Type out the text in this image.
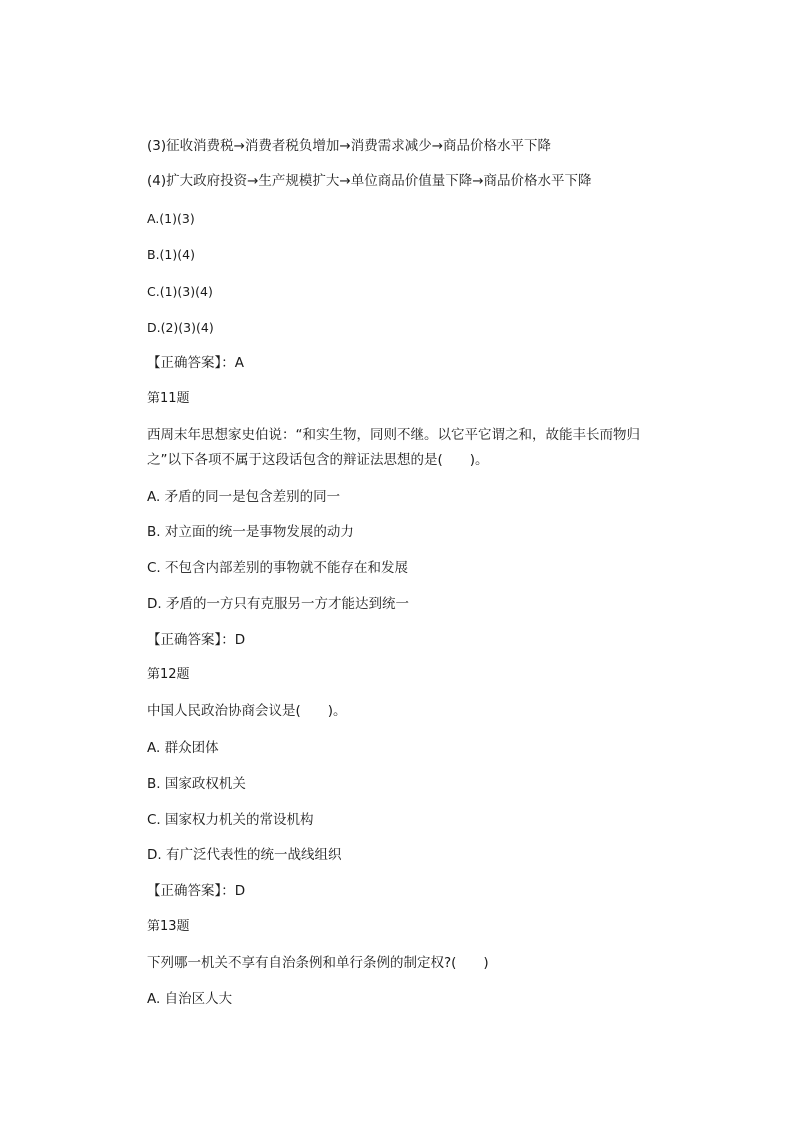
(3)征收消费税→消费者税负增加→消费需求减少→商品价格水平下降
(4)扩大政府投资→生产规模扩大→单位商品价值量下降→商品价格水平下降
A.(1)(3)
B.(1)(4)
C.(1)(3)(4)
D.(2)(3)(4)
【正确答案】：A
第11题
西周末年思想家史伯说：“和实生物，同则不继。以它平它谓之和，故能丰长而物归
之”以下各项不属于这段话包含的辩证法思想的是(　　)。
A. 矛盾的同一是包含差别的同一
B. 对立面的统一是事物发展的动力
C. 不包含内部差别的事物就不能存在和发展
D. 矛盾的一方只有克服另一方才能达到统一
【正确答案】：D
第12题
中国人民政治协商会议是(　　)。
A. 群众团体
B. 国家政权机关
C. 国家权力机关的常设机构
D. 有广泛代表性的统一战线组织
【正确答案】：D
第13题
下列哪一机关不享有自治条例和单行条例的制定权?(　　)
A. 自治区人大
